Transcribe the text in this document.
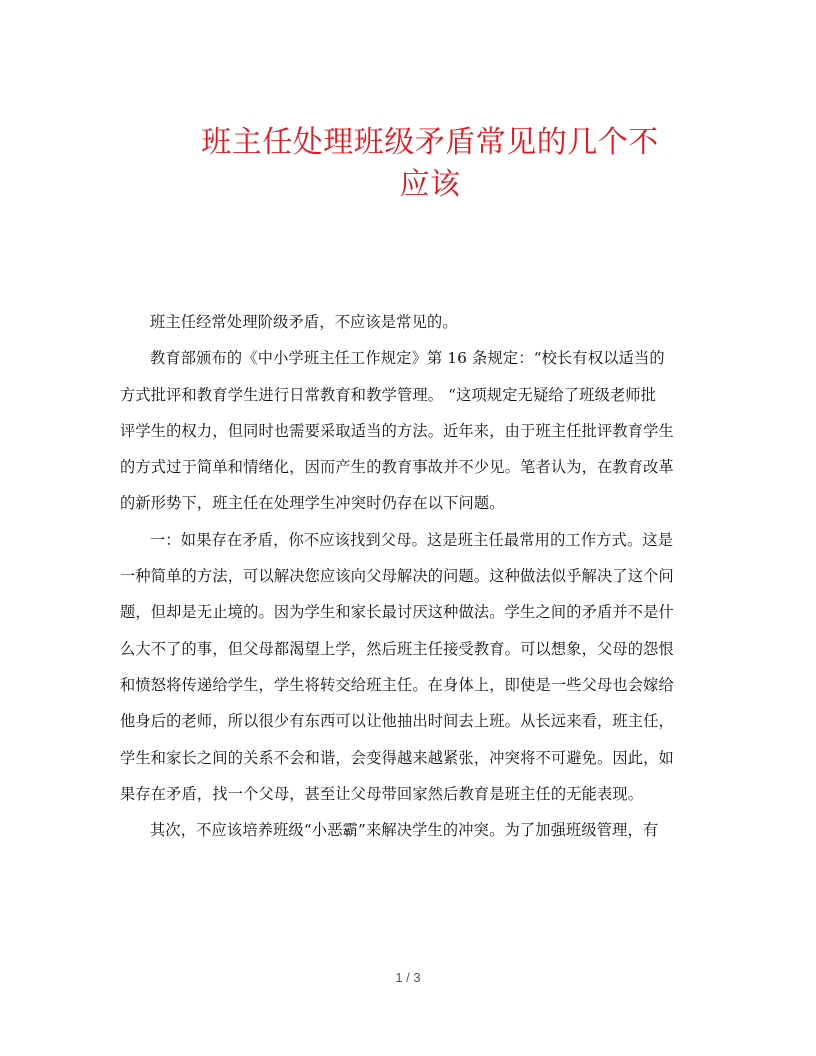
班主任处理班级矛盾常见的几个不
应该

班主任经常处理阶级矛盾，不应该是常见的。

教育部颁布的《中小学班主任工作规定》第 16 条规定：“校长有权以适当的
方式批评和教育学生进行日常教育和教学管理。 “这项规定无疑给了班级老师批
评学生的权力，但同时也需要采取适当的方法。近年来，由于班主任批评教育学生
的方式过于简单和情绪化，因而产生的教育事故并不少见。笔者认为，在教育改革
的新形势下，班主任在处理学生冲突时仍存在以下问题。

一：如果存在矛盾，你不应该找到父母。这是班主任最常用的工作方式。这是
一种简单的方法，可以解决您应该向父母解决的问题。这种做法似乎解决了这个问
题，但却是无止境的。因为学生和家长最讨厌这种做法。学生之间的矛盾并不是什
么大不了的事，但父母都渴望上学，然后班主任接受教育。可以想象，父母的怨恨
和愤怒将传递给学生，学生将转交给班主任。在身体上，即使是一些父母也会嫁给
他身后的老师，所以很少有东西可以让他抽出时间去上班。从长远来看，班主任，
学生和家长之间的关系不会和谐，会变得越来越紧张，冲突将不可避免。因此，如
果存在矛盾，找一个父母，甚至让父母带回家然后教育是班主任的无能表现。

其次，不应该培养班级“小恶霸”来解决学生的冲突。为了加强班级管理，有

1 / 3
